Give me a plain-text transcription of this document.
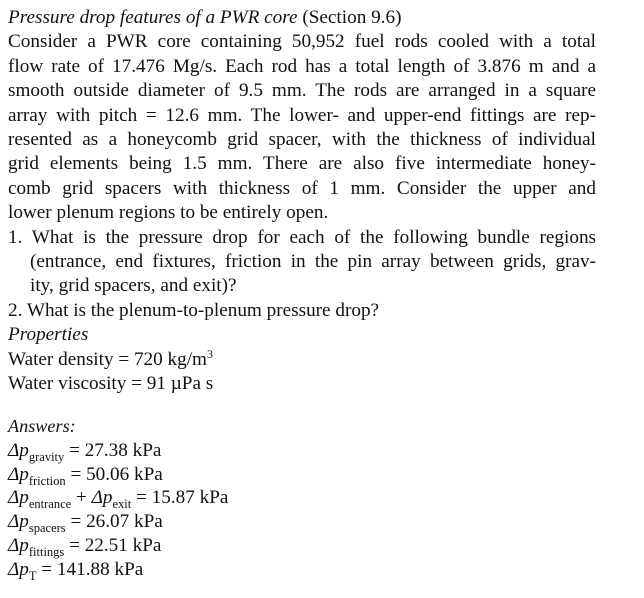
Pressure drop features of a PWR core (Section 9.6)
Consider a PWR core containing 50,952 fuel rods cooled with a total
flow rate of 17.476 Mg/s. Each rod has a total length of 3.876 m and a
smooth outside diameter of 9.5 mm. The rods are arranged in a square
array with pitch = 12.6 mm. The lower- and upper-end fittings are rep-
resented as a honeycomb grid spacer, with the thickness of individual
grid elements being 1.5 mm. There are also five intermediate honey-
comb grid spacers with thickness of 1 mm. Consider the upper and
lower plenum regions to be entirely open.
1. What is the pressure drop for each of the following bundle regions
(entrance, end fixtures, friction in the pin array between grids, grav-
ity, grid spacers, and exit)?
2. What is the plenum-to-plenum pressure drop?
Properties
Water density = 720 $kg/m^3$
Water viscosity = 91 µPa s
Answers:
$\Delta p_{gravity} = 27.38$ kPa
$\Delta p_{friction} = 50.06$ kPa
$\Delta p_{entrance} + \Delta p_{exit} = 15.87$ kPa
$\Delta p_{spacers} = 26.07$ kPa
$\Delta p_{fittings} = 22.51$ kPa
$\Delta p_T = 141.88$ kPa
